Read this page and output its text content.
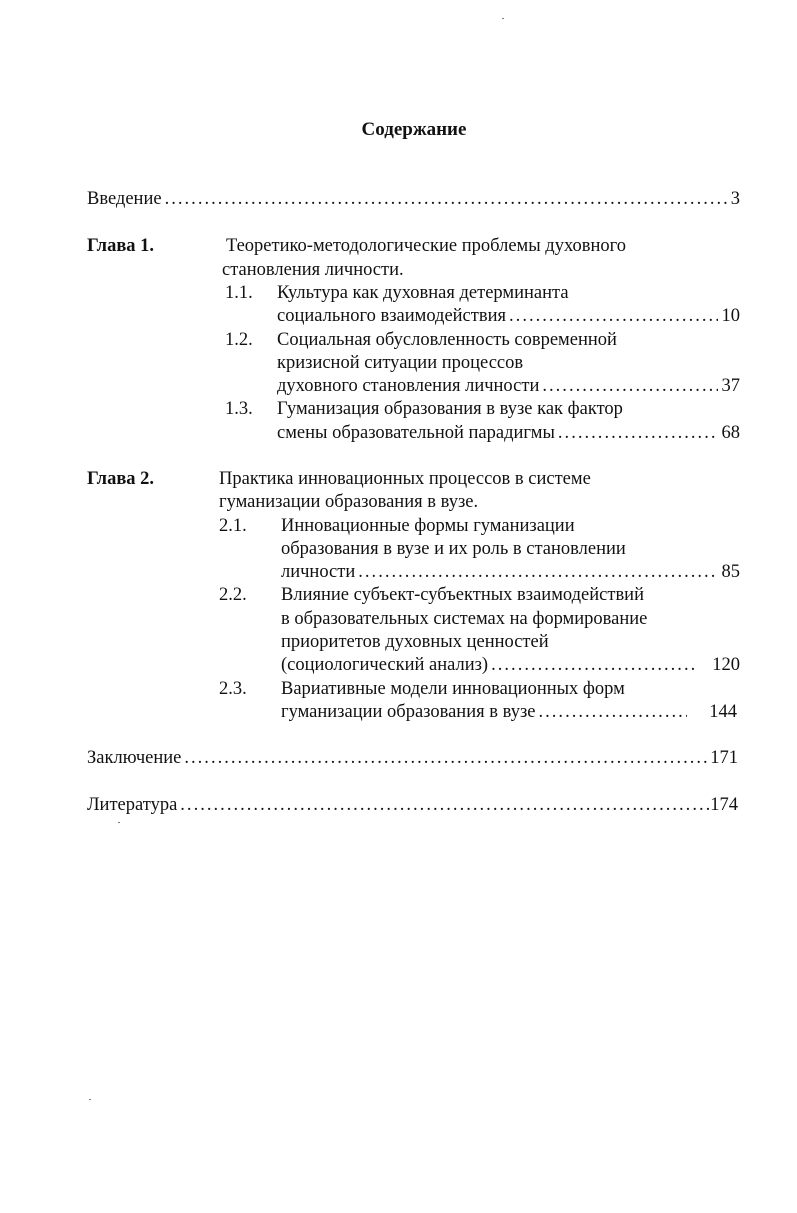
Содержание
Введение . . .	3
Глава 1.	Теоретико-методологические проблемы духовного
становления личности.
1.1. Культура как духовная детерминанта
социального взаимодействия . . .	10
1.2. Социальная обусловленность современной
кризисной ситуации процессов
духовного становления личности . . .	37
1.3. Гуманизация образования в вузе как фактор
смены образовательной парадигмы . . .	68
Глава 2.	Практика инновационных процессов в системе
гуманизации образования в вузе.
2.1. Инновационные формы гуманизации
образования в вузе и их роль в становлении
личности . . .	85
2.2. Влияние субъект-субъектных взаимодействий
в образовательных системах на формирование
приоритетов духовных ценностей
(социологический анализ) . . .	120
2.3. Вариативные модели инновационных форм
гуманизации образования в вузе . . .	144
Заключение . . .	171
Литература . . .	174
